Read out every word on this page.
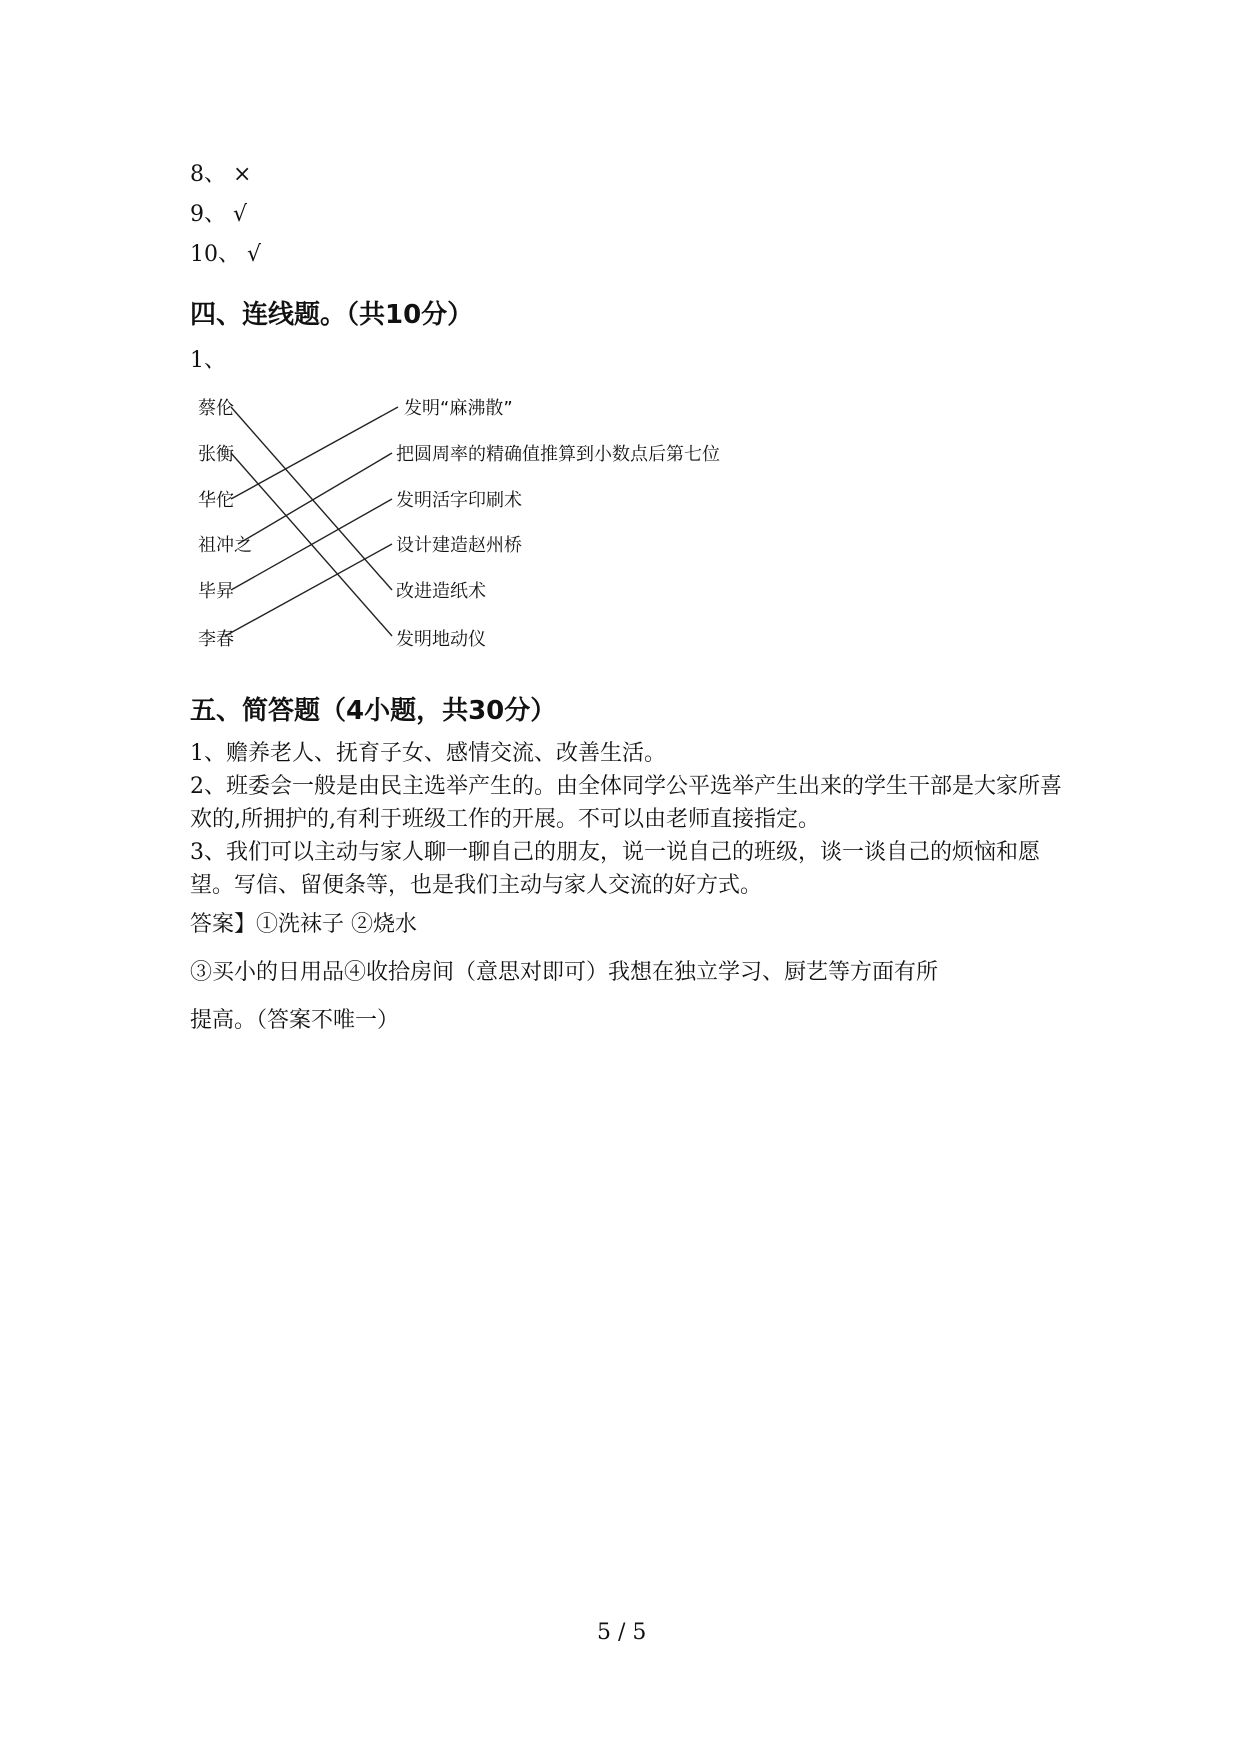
8、 ×
9、 √
10、 √
四、连线题。（共10分）
1、
蔡伦
张衡
华佗
祖冲之
毕昇
李春
发明“麻沸散”
把圆周率的精确值推算到小数点后第七位
发明活字印刷术
设计建造赵州桥
改进造纸术
发明地动仪
五、简答题（4小题，共30分）

1、赡养老人、抚育子女、感情交流、改善生活。

2、班委会一般是由民主选举产生的。由全体同学公平选举产生出来的学生干部是大家所喜欢的,所拥护的,有利于班级工作的开展。不可以由老师直接指定。

3、我们可以主动与家人聊一聊自己的朋友，说一说自己的班级，谈一谈自己的烦恼和愿望。写信、留便条等，也是我们主动与家人交流的好方式。

答案】①洗袜子 ②烧水
③买小的日用品④收拾房间（意思对即可）我想在独立学习、厨艺等方面有所
提高。（答案不唯一）
5 / 5
